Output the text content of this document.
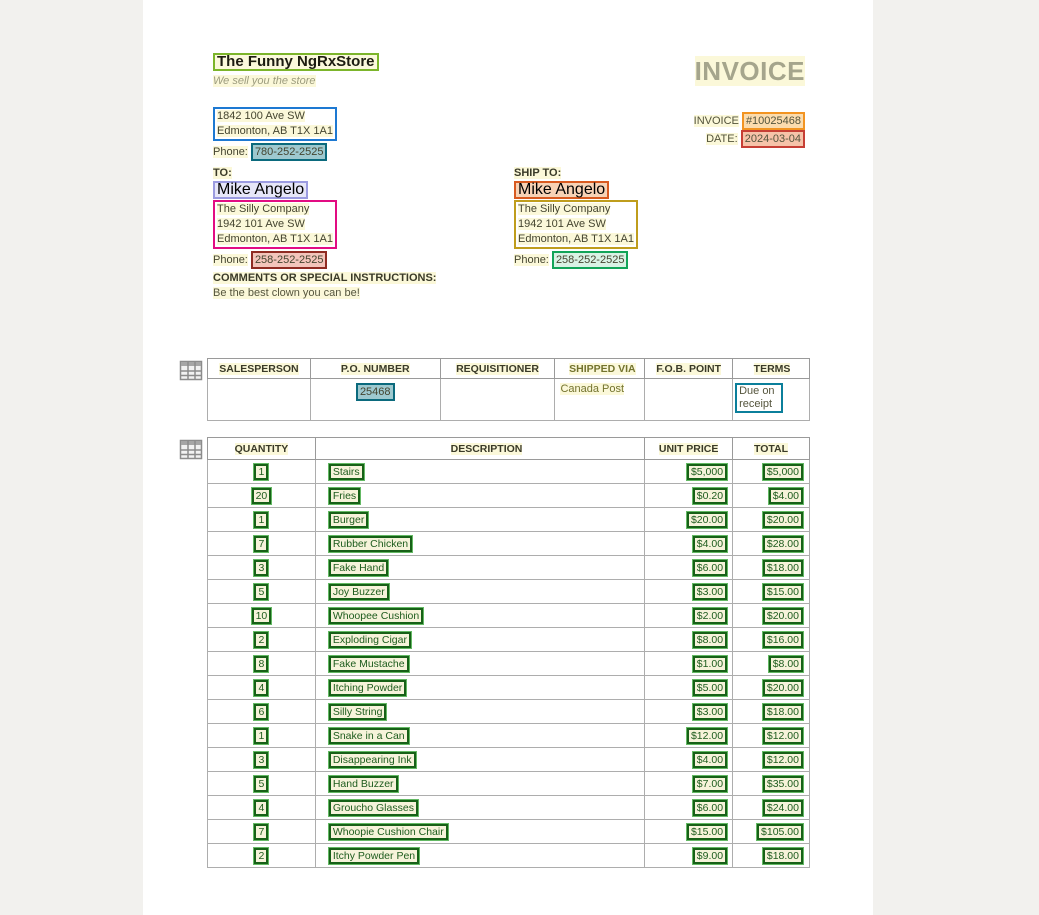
The Funny NgRxStore
We sell you the store	INVOICE
1842 100 Ave SW
Edmonton, AB T1X 1A1
Phone: 780-252-2525
INVOICE #10025468
DATE: 2024-03-04
TO:
Mike Angelo
The Silly Company
1942 101 Ave SW
Edmonton, AB T1X 1A1
Phone: 258-252-2525
SHIP TO:
Mike Angelo
The Silly Company
1942 101 Ave SW
Edmonton, AB T1X 1A1
Phone: 258-252-2525
COMMENTS OR SPECIAL INSTRUCTIONS:
Be the best clown you can be!
SALESPERSON	P.O. NUMBER	REQUISITIONER	SHIPPED VIA	F.O.B. POINT	TERMS
	25468		Canada Post		Due on receipt
QUANTITY	DESCRIPTION	UNIT PRICE	TOTAL
1	Stairs	$5,000	$5,000
20	Fries	$0.20	$4.00
1	Burger	$20.00	$20.00
7	Rubber Chicken	$4.00	$28.00
3	Fake Hand	$6.00	$18.00
5	Joy Buzzer	$3.00	$15.00
10	Whoopee Cushion	$2.00	$20.00
2	Exploding Cigar	$8.00	$16.00
8	Fake Mustache	$1.00	$8.00
4	Itching Powder	$5.00	$20.00
6	Silly String	$3.00	$18.00
1	Snake in a Can	$12.00	$12.00
3	Disappearing Ink	$4.00	$12.00
5	Hand Buzzer	$7.00	$35.00
4	Groucho Glasses	$6.00	$24.00
7	Whoopie Cushion Chair	$15.00	$105.00
2	Itchy Powder Pen	$9.00	$18.00
